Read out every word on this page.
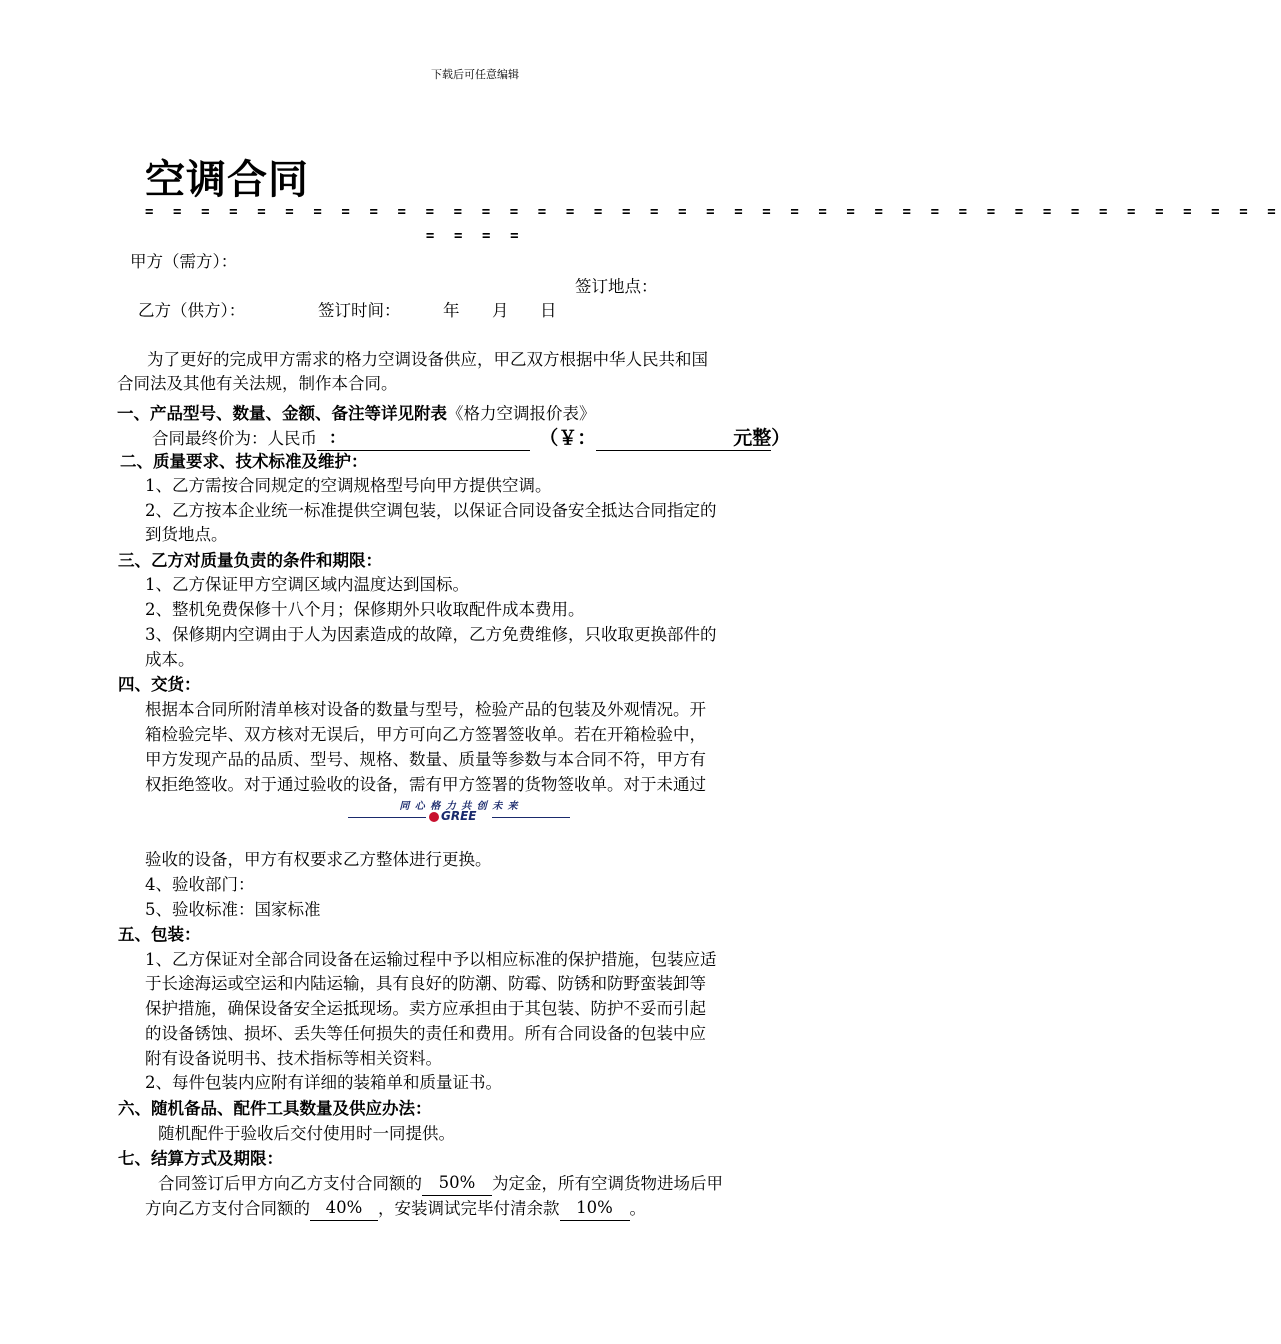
下载后可任意编辑
空调合同
= = = = = = = = = = = = = = = = = = = = = = = = = = = = = = = = = = = = = = = = =
= = = =
甲方（需方）：
签订地点：
乙方（供方）：	签订时间：	年 月 日
为了更好的完成甲方需求的格力空调设备供应，甲乙双方根据中华人民共和国
合同法及其他有关法规，制作本合同。
一、产品型号、数量、金额、备注等详见附表《格力空调报价表》
合同最终价为：人民币 ：	（￥：	元整）
二、质量要求、技术标准及维护：
1、乙方需按合同规定的空调规格型号向甲方提供空调。
2、乙方按本企业统一标准提供空调包装，以保证合同设备安全抵达合同指定的
到货地点。
三、乙方对质量负责的条件和期限：
1、乙方保证甲方空调区域内温度达到国标。
2、整机免费保修十八个月；保修期外只收取配件成本费用。
3、保修期内空调由于人为因素造成的故障，乙方免费维修，只收取更换部件的
成本。
四、交货：
根据本合同所附清单核对设备的数量与型号，检验产品的包装及外观情况。开
箱检验完毕、双方核对无误后，甲方可向乙方签署签收单。若在开箱检验中，
甲方发现产品的品质、型号、规格、数量、质量等参数与本合同不符，甲方有
权拒绝签收。对于通过验收的设备，需有甲方签署的货物签收单。对于未通过
同 心 格 力 共 创 未 来
GREE
验收的设备，甲方有权要求乙方整体进行更换。
4、验收部门：
5、验收标准：国家标准
五、包装：
1、乙方保证对全部合同设备在运输过程中予以相应标准的保护措施，包装应适
于长途海运或空运和内陆运输，具有良好的防潮、防霉、防锈和防野蛮装卸等
保护措施，确保设备安全运抵现场。卖方应承担由于其包装、防护不妥而引起
的设备锈蚀、损坏、丢失等任何损失的责任和费用。所有合同设备的包装中应
附有设备说明书、技术指标等相关资料。
2、每件包装内应附有详细的装箱单和质量证书。
六、随机备品、配件工具数量及供应办法：
随机配件于验收后交付使用时一同提供。
七、结算方式及期限：
合同签订后甲方向乙方支付合同额的 50% 为定金，所有空调货物进场后甲
方向乙方支付合同额的 40% ，安装调试完毕付清余款 10% 。
